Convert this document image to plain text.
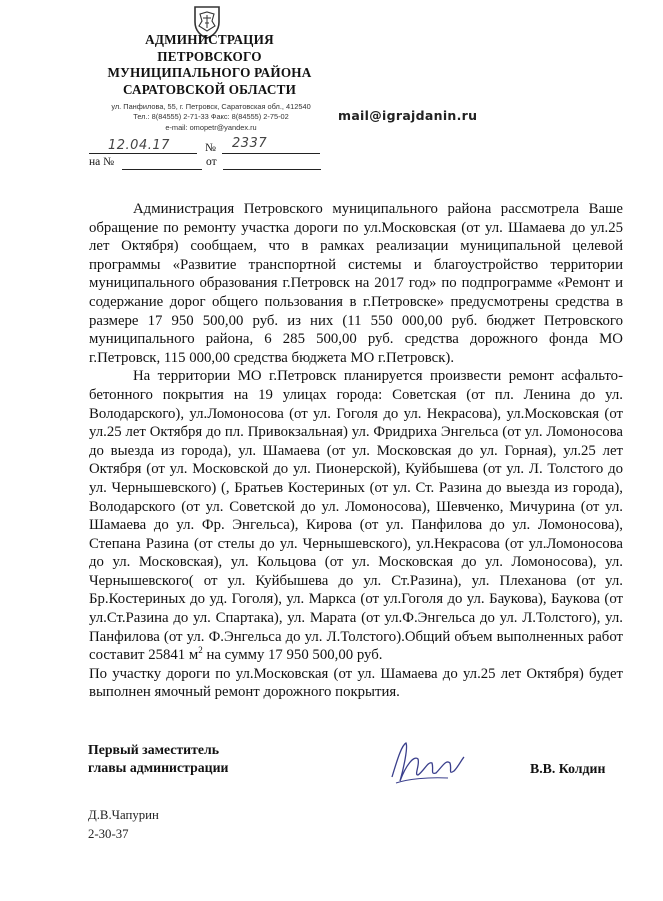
АДМИНИСТРАЦИЯ
ПЕТРОВСКОГО
МУНИЦИПАЛЬНОГО РАЙОНА
САРАТОВСКОЙ ОБЛАСТИ
ул. Панфилова, 55, г. Петровск, Саратовская обл., 412540
Тел.: 8(84555) 2-71-33 Факс: 8(84555) 2-75-02
e-mail: omopetr@yandex.ru
mail@igrajdanin.ru
12.04.17	№ 2337
на №	от

Администрация Петровского муниципального района рассмотрела Ваше обращение по ремонту участка дороги по ул.Московская (от ул. Шамаева до ул.25 лет Октября) сообщаем, что в рамках реализации муниципальной целевой программы «Развитие транспортной системы и благоустройство территории муниципального образования г.Петровск на 2017 год» по подпрограмме «Ремонт и содержание дорог общего пользования в г.Петровске» предусмотрены средства в размере 17 950 500,00 руб. из них (11 550 000,00 руб. бюджет Петровского муниципального района, 6 285 500,00 руб. средства дорожного фонда МО г.Петровск, 115 000,00 средства бюджета МО г.Петровск).

На территории МО г.Петровск планируется произвести ремонт асфальто-бетонного покрытия на 19 улицах города: Советская (от пл. Ленина до ул. Володарского), ул.Ломоносова (от ул. Гоголя до ул. Некрасова), ул.Московская (от ул.25 лет Октября до пл. Привокзальная) ул. Фридриха Энгельса (от ул. Ломоносова до выезда из города), ул. Шамаева (от ул. Московская до ул. Горная), ул.25 лет Октября (от ул. Московской до ул. Пионерской), Куйбышева (от ул. Л. Толстого до ул. Чернышевского) (, Братьев Костериных (от ул. Ст. Разина до выезда из города), Володарского (от ул. Советской до ул. Ломоносова), Шевченко, Мичурина (от ул. Шамаева до ул. Фр. Энгельса), Кирова (от ул. Панфилова до ул. Ломоносова), Степана Разина (от стелы до ул. Чернышевского), ул.Некрасова (от ул.Ломоносова до ул. Московская), ул. Кольцова (от ул. Московская до ул. Ломоносова), ул. Чернышевского( от ул. Куйбышева до ул. Ст.Разина), ул. Плеханова (от ул. Бр.Костериных до уд. Гоголя), ул. Маркса (от ул.Гоголя до ул. Баукова), Баукова (от ул.Ст.Разина до ул. Спартака), ул. Марата (от ул.Ф.Энгельса до ул. Л.Толстого), ул. Панфилова (от ул. Ф.Энгельса до ул. Л.Толстого).Общий объем выполненных работ составит 25841 $м^2$ на сумму 17 950 500,00 руб.

По участку дороги по ул.Московская (от ул. Шамаева до ул.25 лет Октября) будет выполнен ямочный ремонт дорожного покрытия.

Первый заместитель
главы администрации	В.В. Колдин
Д.В.Чапурин
2-30-37
